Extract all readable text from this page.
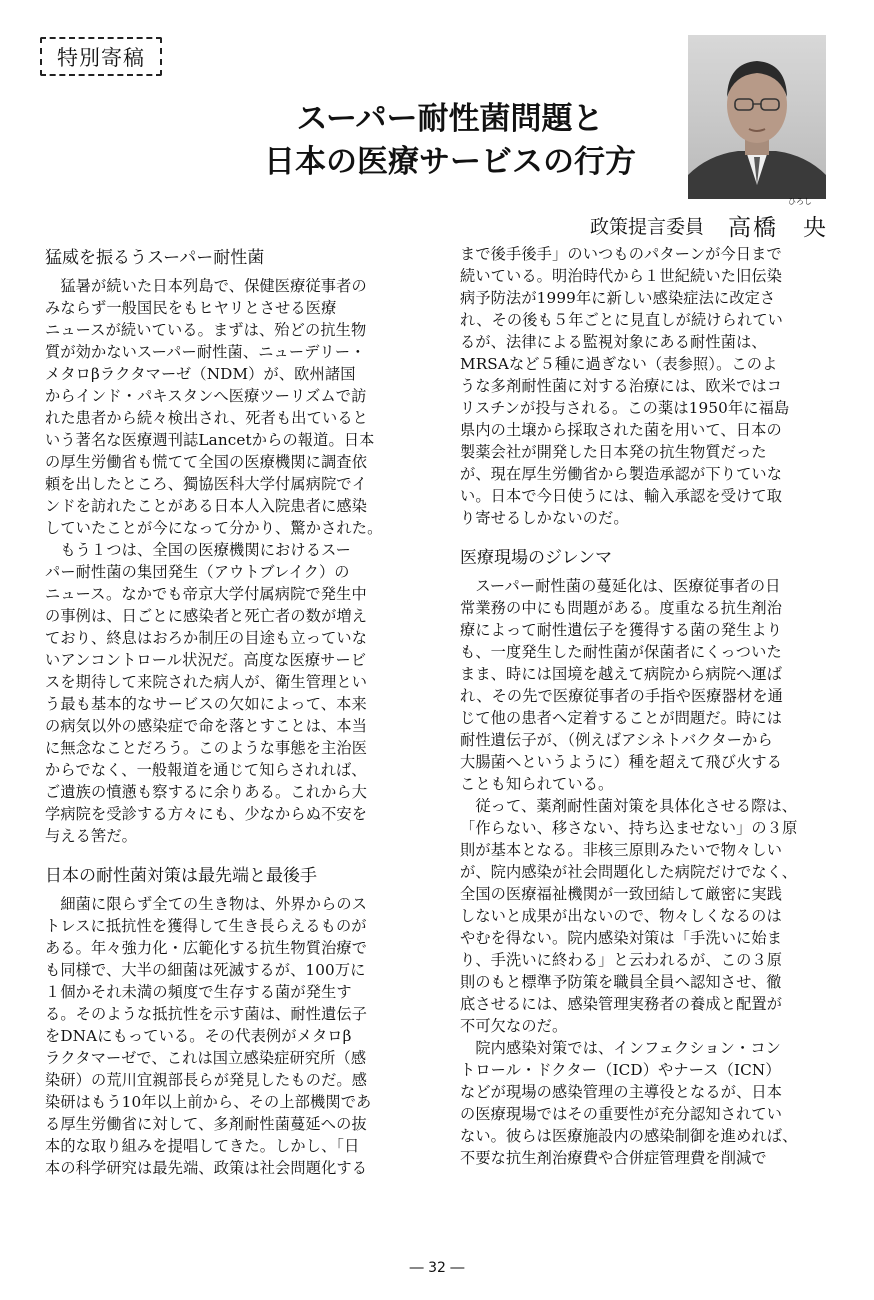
特別寄稿
スーパー耐性菌問題と
日本の医療サービスの行方
政策提言委員
ひろし
高橋　央
猛威を振るうスーパー耐性菌
　猛暑が続いた日本列島で、保健医療従事者の
みならず一般国民をもヒヤリとさせる医療
ニュースが続いている。まずは、殆どの抗生物
質が効かないスーパー耐性菌、ニューデリー・
メタロβラクタマーゼ（NDM）が、欧州諸国
からインド・パキスタンへ医療ツーリズムで訪
れた患者から続々検出され、死者も出ていると
いう著名な医療週刊誌Lancetからの報道。日本
の厚生労働省も慌てて全国の医療機関に調査依
頼を出したところ、獨協医科大学付属病院でイ
ンドを訪れたことがある日本人入院患者に感染
していたことが今になって分かり、驚かされた。
　もう１つは、全国の医療機関におけるスー
パー耐性菌の集団発生（アウトブレイク）の
ニュース。なかでも帝京大学付属病院で発生中
の事例は、日ごとに感染者と死亡者の数が増え
ており、終息はおろか制圧の目途も立っていな
いアンコントロール状況だ。高度な医療サービ
スを期待して来院された病人が、衛生管理とい
う最も基本的なサービスの欠如によって、本来
の病気以外の感染症で命を落とすことは、本当
に無念なことだろう。このような事態を主治医
からでなく、一般報道を通じて知らされれば、
ご遺族の憤懣も察するに余りある。これから大
学病院を受診する方々にも、少なからぬ不安を
与える筈だ。
日本の耐性菌対策は最先端と最後手
　細菌に限らず全ての生き物は、外界からのス
トレスに抵抗性を獲得して生き長らえるものが
ある。年々強力化・広範化する抗生物質治療で
も同様で、大半の細菌は死滅するが、100万に
１個かそれ未満の頻度で生存する菌が発生す
る。そのような抵抗性を示す菌は、耐性遺伝子
をDNAにもっている。その代表例がメタロβ
ラクタマーゼで、これは国立感染症研究所（感
染研）の荒川宜親部長らが発見したものだ。感
染研はもう10年以上前から、その上部機関であ
る厚生労働省に対して、多剤耐性菌蔓延への抜
本的な取り組みを提唱してきた。しかし、「日
本の科学研究は最先端、政策は社会問題化する
まで後手後手」のいつものパターンが今日まで
続いている。明治時代から１世紀続いた旧伝染
病予防法が1999年に新しい感染症法に改定さ
れ、その後も５年ごとに見直しが続けられてい
るが、法律による監視対象にある耐性菌は、
MRSAなど５種に過ぎない（表参照）。このよ
うな多剤耐性菌に対する治療には、欧米ではコ
リスチンが投与される。この薬は1950年に福島
県内の土壌から採取された菌を用いて、日本の
製薬会社が開発した日本発の抗生物質だった
が、現在厚生労働省から製造承認が下りていな
い。日本で今日使うには、輸入承認を受けて取
り寄せるしかないのだ。
医療現場のジレンマ
　スーパー耐性菌の蔓延化は、医療従事者の日
常業務の中にも問題がある。度重なる抗生剤治
療によって耐性遺伝子を獲得する菌の発生より
も、一度発生した耐性菌が保菌者にくっついた
まま、時には国境を越えて病院から病院へ運ば
れ、その先で医療従事者の手指や医療器材を通
じて他の患者へ定着することが問題だ。時には
耐性遺伝子が、（例えばアシネトバクターから
大腸菌へというように）種を超えて飛び火する
ことも知られている。
　従って、薬剤耐性菌対策を具体化させる際は、
「作らない、移さない、持ち込ませない」の３原
則が基本となる。非核三原則みたいで物々しい
が、院内感染が社会問題化した病院だけでなく、
全国の医療福祉機関が一致団結して厳密に実践
しないと成果が出ないので、物々しくなるのは
やむを得ない。院内感染対策は「手洗いに始ま
り、手洗いに終わる」と云われるが、この３原
則のもと標準予防策を職員全員へ認知させ、徹
底させるには、感染管理実務者の養成と配置が
不可欠なのだ。
　院内感染対策では、インフェクション・コン
トロール・ドクター（ICD）やナース（ICN）
などが現場の感染管理の主導役となるが、日本
の医療現場ではその重要性が充分認知されてい
ない。彼らは医療施設内の感染制御を進めれば、
不要な抗生剤治療費や合併症管理費を削減で
― 32 ―
